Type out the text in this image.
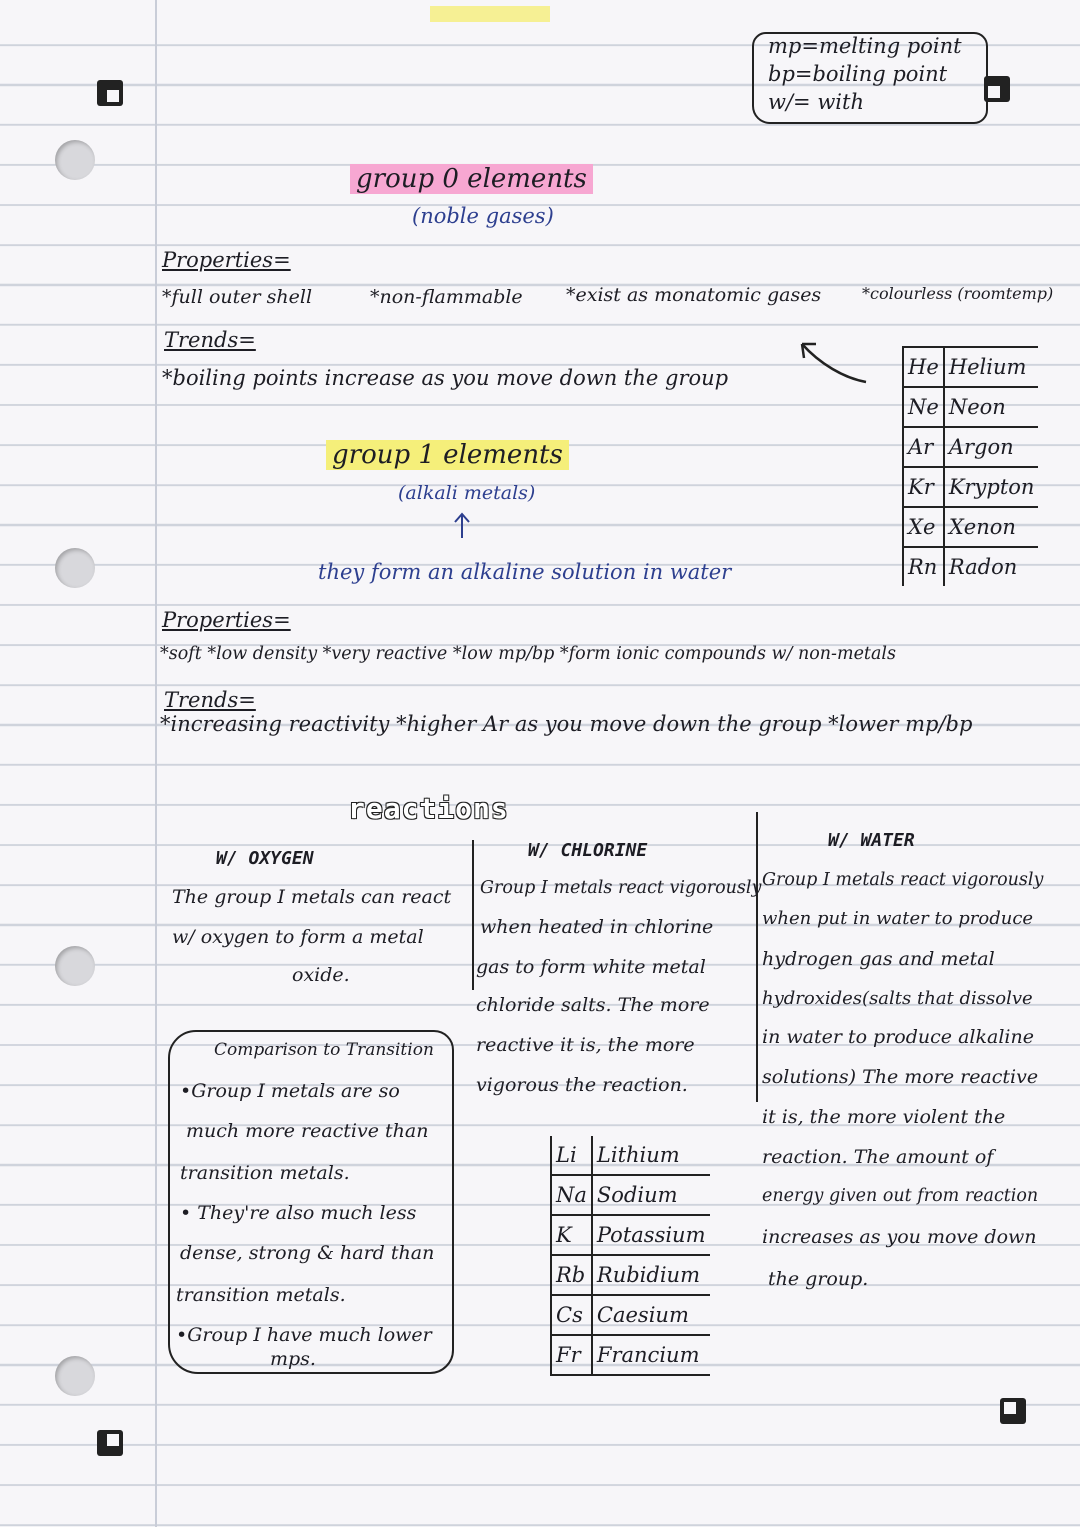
mp=melting point
bp=boiling point
w/= with
group 0 elements
(noble gases)
Properties=
*full outer shell	*non-flammable *exist as monatomic gases	*colourless (roomtemp)
Trends=
*boiling points increase as you move down the group	He	Helium
Ne	Neon
Ar	Argon
Kr	Krypton
Xe	Xenon
Rn	Radon
group 1 elements
(alkali metals)
they form an alkaline solution in water
Properties=
*soft *low density *very reactive *low mp/bp *form ionic compounds w/ non-metals
Trends=
*increasing reactivity *higher Ar as you move down the group *lower mp/bp
reactions
W/ OXYGEN
The group I metals can react
w/ oxygen to form a metal
oxide.
W/ CHLORINE
Group I metals react vigorously
when heated in chlorine
gas to form white metal
chloride salts. The more
reactive it is, the more
vigorous the reaction.
W/ WATER
Group I metals react vigorously
when put in water to produce
hydrogen gas and metal
hydroxides(salts that dissolve
in water to produce alkaline
solutions) The more reactive
it is, the more violent the
reaction. The amount of
energy given out from reaction
increases as you move down
the group.
Comparison to Transition
•Group I metals are so
much more reactive than
transition metals.
• They're also much less
dense, strong & hard than
transition metals.
•Group I have much lower
mps.
Li	Lithium
Na	Sodium
K	Potassium
Rb	Rubidium
Cs	Caesium
Fr	Francium
